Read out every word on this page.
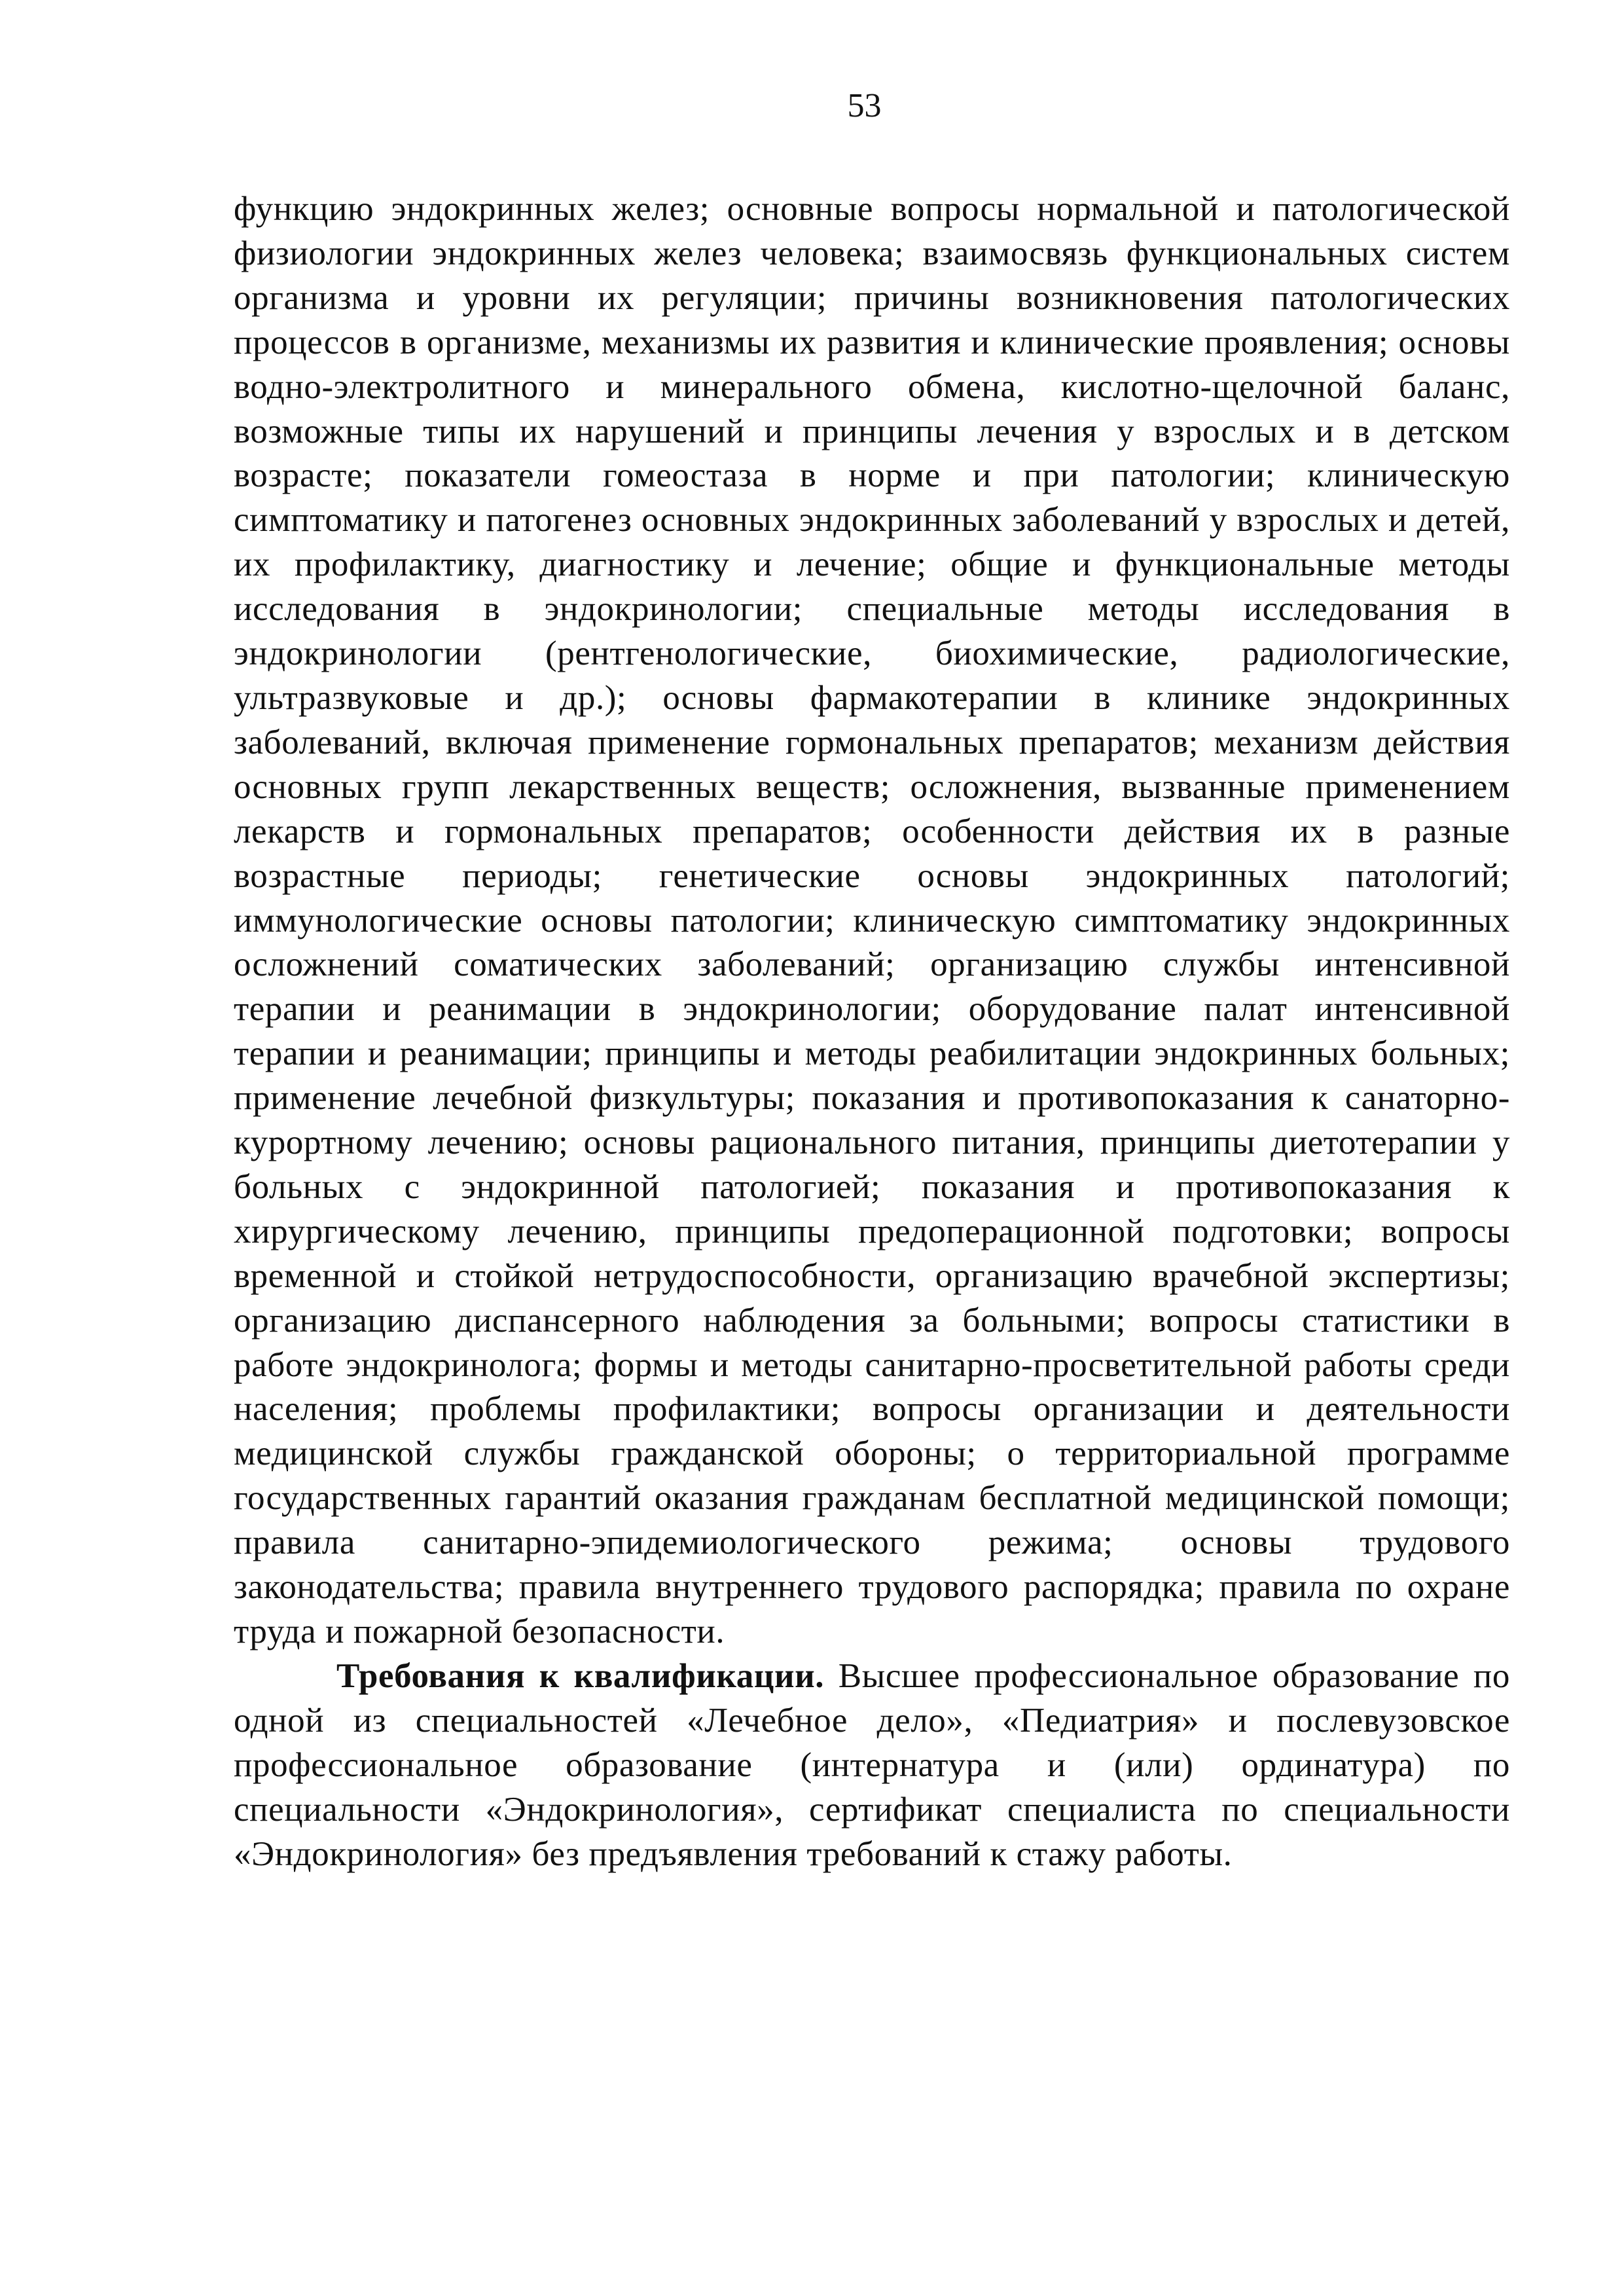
53

функцию эндокринных желез; основные вопросы нормальной и патологической физиологии эндокринных желез человека; взаимосвязь функциональных систем организма и уровни их регуляции; причины возникновения патологических процессов в организме, механизмы их развития и клинические проявления; основы водно-электролитного и минерального обмена, кислотно-щелочной баланс, возможные типы их нарушений и принципы лечения у взрослых и в детском возрасте; показатели гомеостаза в норме и при патологии; клиническую симптоматику и патогенез основных эндокринных заболеваний у взрослых и детей, их профилактику, диагностику и лечение; общие и функциональные методы исследования в эндокринологии; специальные методы исследования в эндокринологии (рентгенологические, биохимические, радиологические, ультразвуковые и др.); основы фармакотерапии в клинике эндокринных заболеваний, включая применение гормональных препаратов; механизм действия основных групп лекарственных веществ; осложнения, вызванные применением лекарств и гормональных препаратов; особенности действия их в разные возрастные периоды; генетические основы эндокринных патологий; иммунологические основы патологии; клиническую симптоматику эндокринных осложнений соматических заболеваний; организацию службы интенсивной терапии и реанимации в эндокринологии; оборудование палат интенсивной терапии и реанимации; принципы и методы реабилитации эндокринных больных; применение лечебной физкультуры; показания и противопоказания к санаторно-курортному лечению; основы рационального питания, принципы диетотерапии у больных с эндокринной патологией; показания и противопоказания к хирургическому лечению, принципы предоперационной подготовки; вопросы временной и стойкой нетрудоспособности, организацию врачебной экспертизы; организацию диспансерного наблюдения за больными; вопросы статистики в работе эндокринолога; формы и методы санитарно-просветительной работы среди населения; проблемы профилактики; вопросы организации и деятельности медицинской службы гражданской обороны; о территориальной программе государственных гарантий оказания гражданам бесплатной медицинской помощи; правила санитарно-эпидемиологического режима; основы трудового законодательства; правила внутреннего трудового распорядка; правила по охране труда и пожарной безопасности.

Требования к квалификации. Высшее профессиональное образование по одной из специальностей «Лечебное дело», «Педиатрия» и послевузовское профессиональное образование (интернатура и (или) ординатура) по специальности «Эндокринология», сертификат специалиста по специальности «Эндокринология» без предъявления требований к стажу работы.
